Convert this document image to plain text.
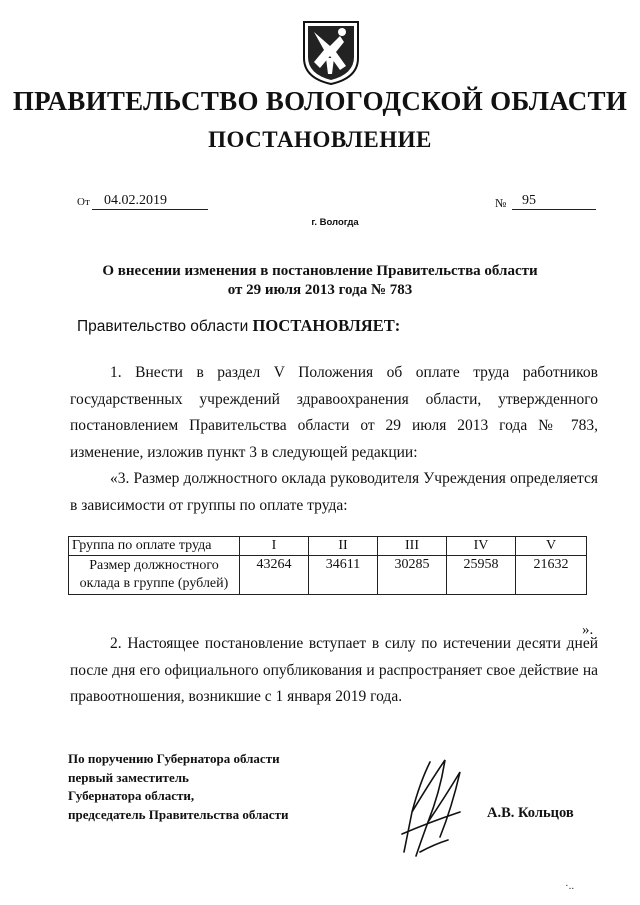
ПРАВИТЕЛЬСТВО ВОЛОГОДСКОЙ ОБЛАСТИ
ПОСТАНОВЛЕНИЕ
От	04.02.2019	№	95
г. Вологда
О внесении изменения в постановление Правительства области
от 29 июля 2013 года № 783
Правительство области ПОСТАНОВЛЯЕТ:
1. Внести в раздел V Положения об оплате труда работников государственных учреждений здравоохранения области, утвержденного постановлением Правительства области от 29 июля 2013 года № 783, изменение, изложив пункт 3 в следующей редакции:
«3. Размер должностного оклада руководителя Учреждения определяется в зависимости от группы по оплате труда:
Группа по оплате труда	I	II	III	IV	V
Размер должностного оклада в группе (рублей)	43264	34611	30285	25958	21632
».
2. Настоящее постановление вступает в силу по истечении десяти дней после дня его официального опубликования и распространяет свое действие на правоотношения, возникшие с 1 января 2019 года.
По поручению Губернатора области
первый заместитель
Губернатора области,
председатель Правительства области	А.В. Кольцов
·..
